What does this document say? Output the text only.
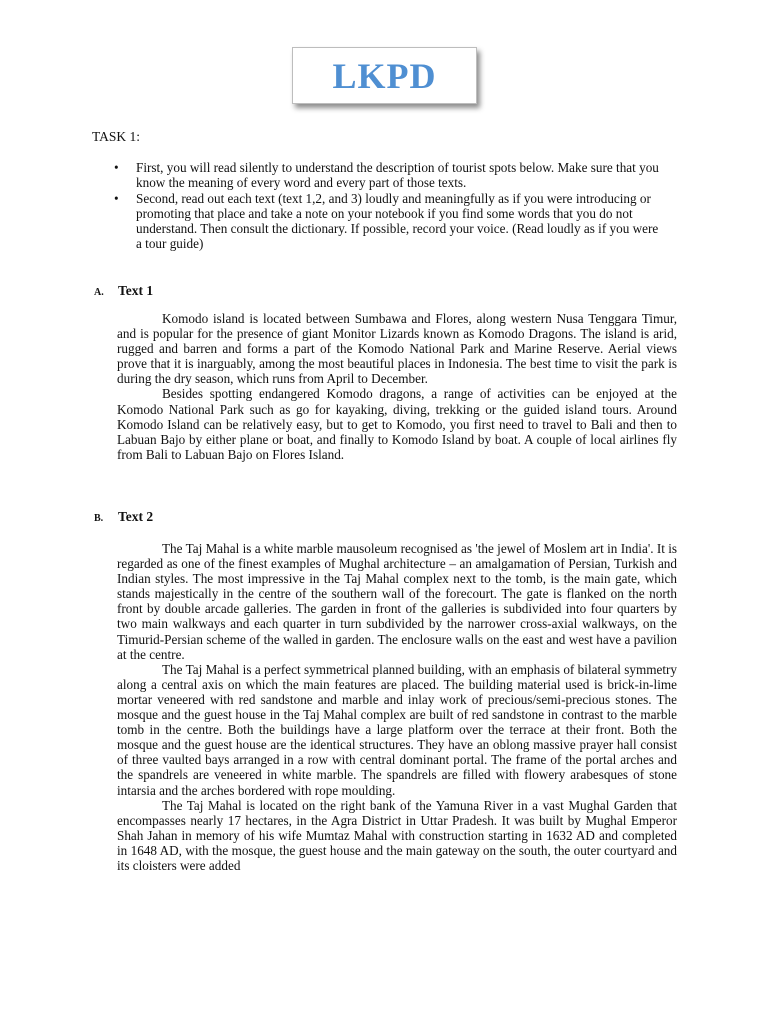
LKPD
TASK 1:
• First, you will read silently to understand the description of tourist spots below. Make sure that you know the meaning of every word and every part of those texts.
• Second, read out each text (text 1,2, and 3) loudly and meaningfully as if you were introducing or promoting that place and take a note on your notebook if you find some words that you do not understand. Then consult the dictionary. If possible, record your voice. (Read loudly as if you were a tour guide)
A. Text 1

Komodo island is located between Sumbawa and Flores, along western Nusa Tenggara Timur, and is popular for the presence of giant Monitor Lizards known as Komodo Dragons. The island is arid, rugged and barren and forms a part of the Komodo National Park and Marine Reserve. Aerial views prove that it is inarguably, among the most beautiful places in Indonesia. The best time to visit the park is during the dry season, which runs from April to December.

Besides spotting endangered Komodo dragons, a range of activities can be enjoyed at the Komodo National Park such as go for kayaking, diving, trekking or the guided island tours. Around Komodo Island can be relatively easy, but to get to Komodo, you first need to travel to Bali and then to Labuan Bajo by either plane or boat, and finally to Komodo Island by boat. A couple of local airlines fly from Bali to Labuan Bajo on Flores Island.

B. Text 2

The Taj Mahal is a white marble mausoleum recognised as 'the jewel of Moslem art in India'. It is regarded as one of the finest examples of Mughal architecture – an amalgamation of Persian, Turkish and Indian styles. The most impressive in the Taj Mahal complex next to the tomb, is the main gate, which stands majestically in the centre of the southern wall of the forecourt. The gate is flanked on the north front by double arcade galleries. The garden in front of the galleries is subdivided into four quarters by two main walkways and each quarter in turn subdivided by the narrower cross-axial walkways, on the Timurid-Persian scheme of the walled in garden. The enclosure walls on the east and west have a pavilion at the centre.

The Taj Mahal is a perfect symmetrical planned building, with an emphasis of bilateral symmetry along a central axis on which the main features are placed. The building material used is brick-in-lime mortar veneered with red sandstone and marble and inlay work of precious/semi-precious stones. The mosque and the guest house in the Taj Mahal complex are built of red sandstone in contrast to the marble tomb in the centre. Both the buildings have a large platform over the terrace at their front. Both the mosque and the guest house are the identical structures. They have an oblong massive prayer hall consist of three vaulted bays arranged in a row with central dominant portal. The frame of the portal arches and the spandrels are veneered in white marble. The spandrels are filled with flowery arabesques of stone intarsia and the arches bordered with rope moulding.

The Taj Mahal is located on the right bank of the Yamuna River in a vast Mughal Garden that encompasses nearly 17 hectares, in the Agra District in Uttar Pradesh. It was built by Mughal Emperor Shah Jahan in memory of his wife Mumtaz Mahal with construction starting in 1632 AD and completed in 1648 AD, with the mosque, the guest house and the main gateway on the south, the outer courtyard and its cloisters were added
